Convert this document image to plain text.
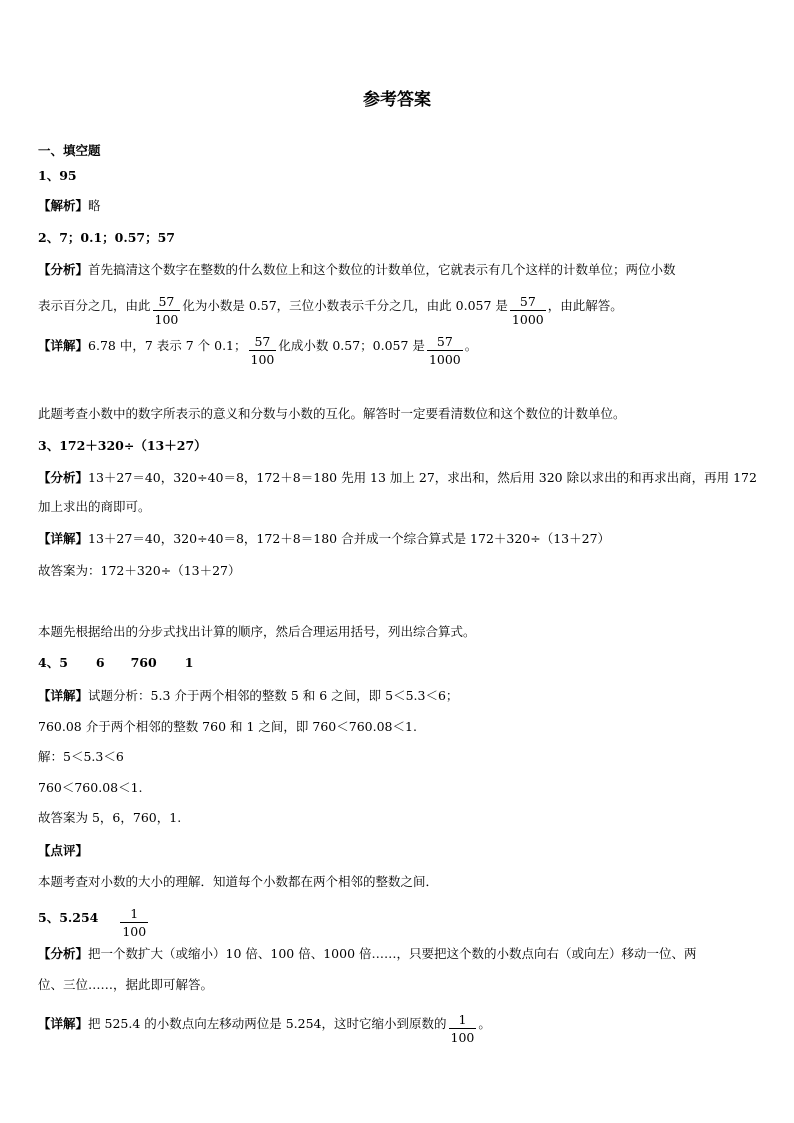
参考答案
一、填空题
1、95
【解析】略
2、7；0.1；0.57；57
【分析】首先搞清这个数字在整数的什么数位上和这个数位的计数单位，它就表示有几个这样的计数单位；两位小数
表示百分之几，由此 $\frac{57}{100}$ 化为小数是 0.57，三位小数表示千分之几，由此 0.057 是 $\frac{57}{1000}$ ，由此解答。
【详解】6.78 中，7 表示 7 个 0.1； $\frac{57}{100}$ 化成小数 0.57；0.057 是 $\frac{57}{1000}$ 。
此题考查小数中的数字所表示的意义和分数与小数的互化。解答时一定要看清数位和这个数位的计数单位。
3、172＋320÷（13＋27）
【分析】13＋27＝40，320÷40＝8，172＋8＝180 先用 13 加上 27，求出和，然后用 320 除以求出的和再求出商，再用 172
加上求出的商即可。
【详解】13＋27＝40，320÷40＝8，172＋8＝180 合并成一个综合算式是 172＋320÷（13＋27）
故答案为：172＋320÷（13＋27）
本题先根据给出的分步式找出计算的顺序，然后合理运用括号，列出综合算式。
4、5 6 760 1
【详解】试题分析：5.3 介于两个相邻的整数 5 和 6 之间，即 5＜5.3＜6；
760.08 介于两个相邻的整数 760 和 1 之间，即 760＜760.08＜1.
解：5＜5.3＜6
760＜760.08＜1.
故答案为 5，6，760，1.
【点评】
本题考查对小数的大小的理解．知道每个小数都在两个相邻的整数之间．
5、$5.254 \frac{1}{100}$
【分析】把一个数扩大（或缩小）10 倍、100 倍、1000 倍……，只要把这个数的小数点向右（或向左）移动一位、两
位、三位……，据此即可解答。
【详解】把 525.4 的小数点向左移动两位是 5.254，这时它缩小到原数的 $\frac{1}{100}$ 。
